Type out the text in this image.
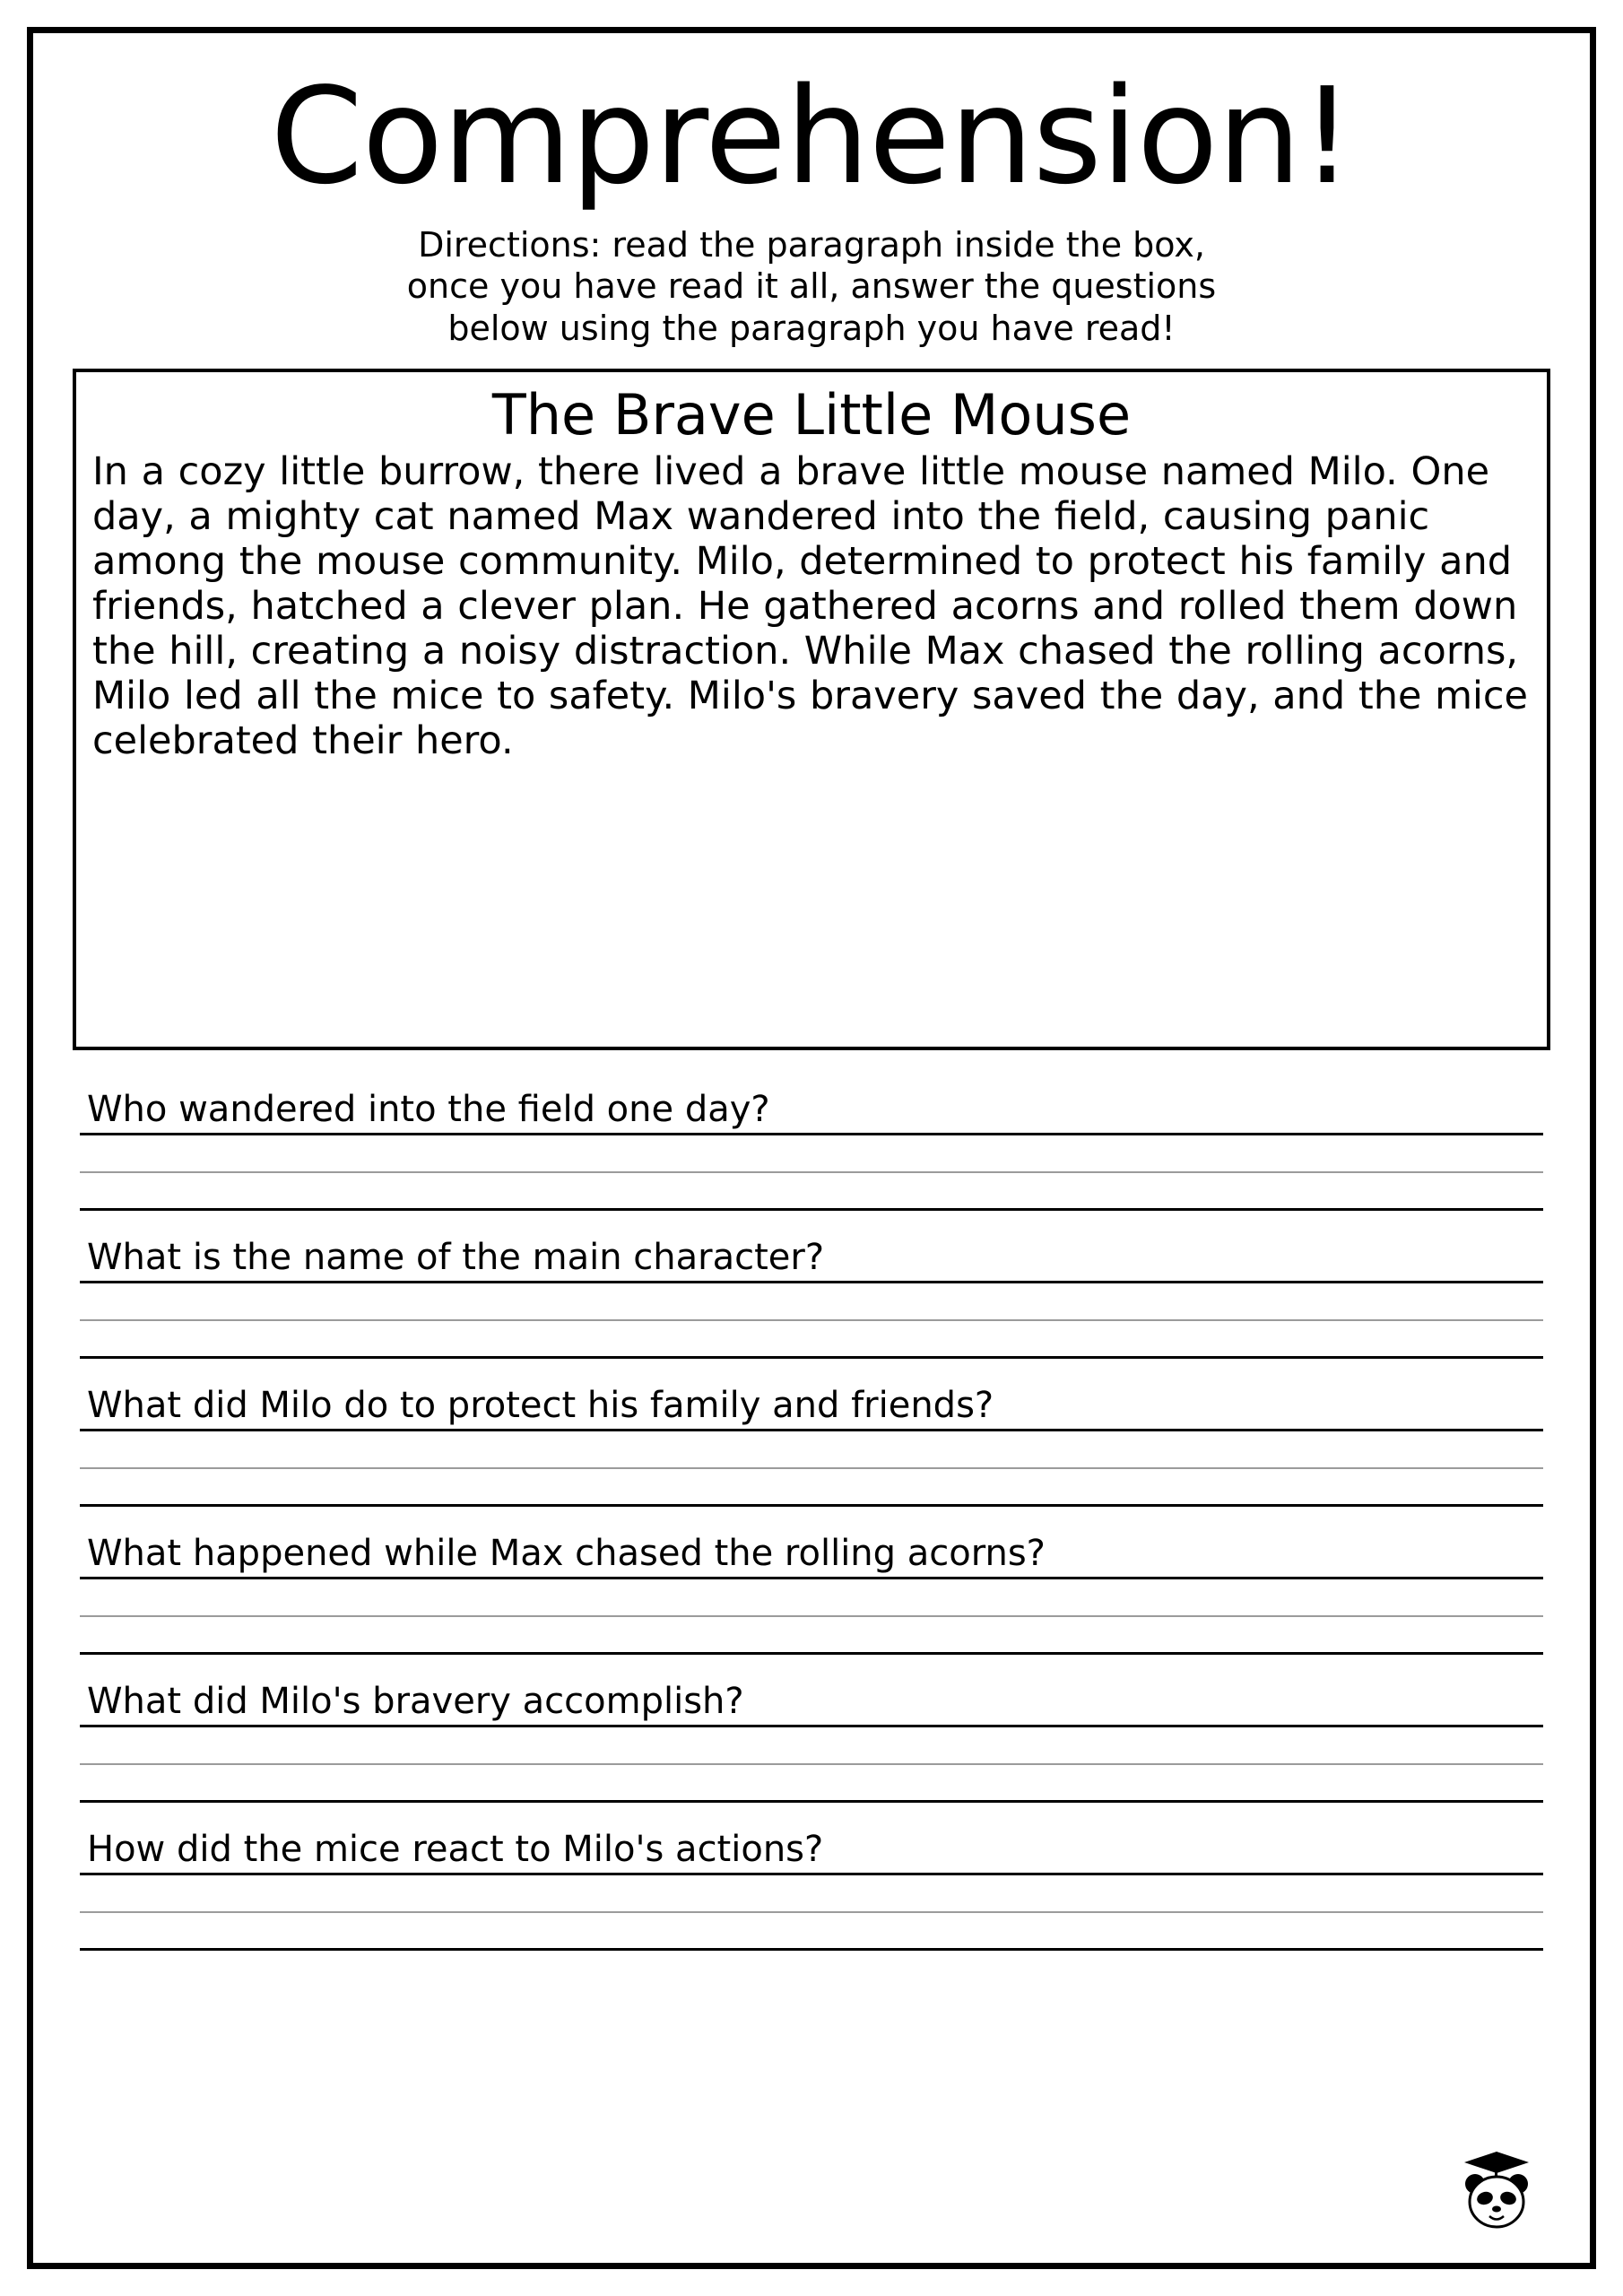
Comprehension!
Directions: read the paragraph inside the box,
once you have read it all, answer the questions
below using the paragraph you have read!
The Brave Little Mouse
In a cozy little burrow, there lived a brave little mouse named Milo. One day, a mighty cat named Max wandered into the field, causing panic among the mouse community. Milo, determined to protect his family and friends, hatched a clever plan. He gathered acorns and rolled them down the hill, creating a noisy distraction. While Max chased the rolling acorns, Milo led all the mice to safety. Milo's bravery saved the day, and the mice celebrated their hero.
Who wandered into the field one day?
What is the name of the main character?
What did Milo do to protect his family and friends?
What happened while Max chased the rolling acorns?
What did Milo's bravery accomplish?
How did the mice react to Milo's actions?
